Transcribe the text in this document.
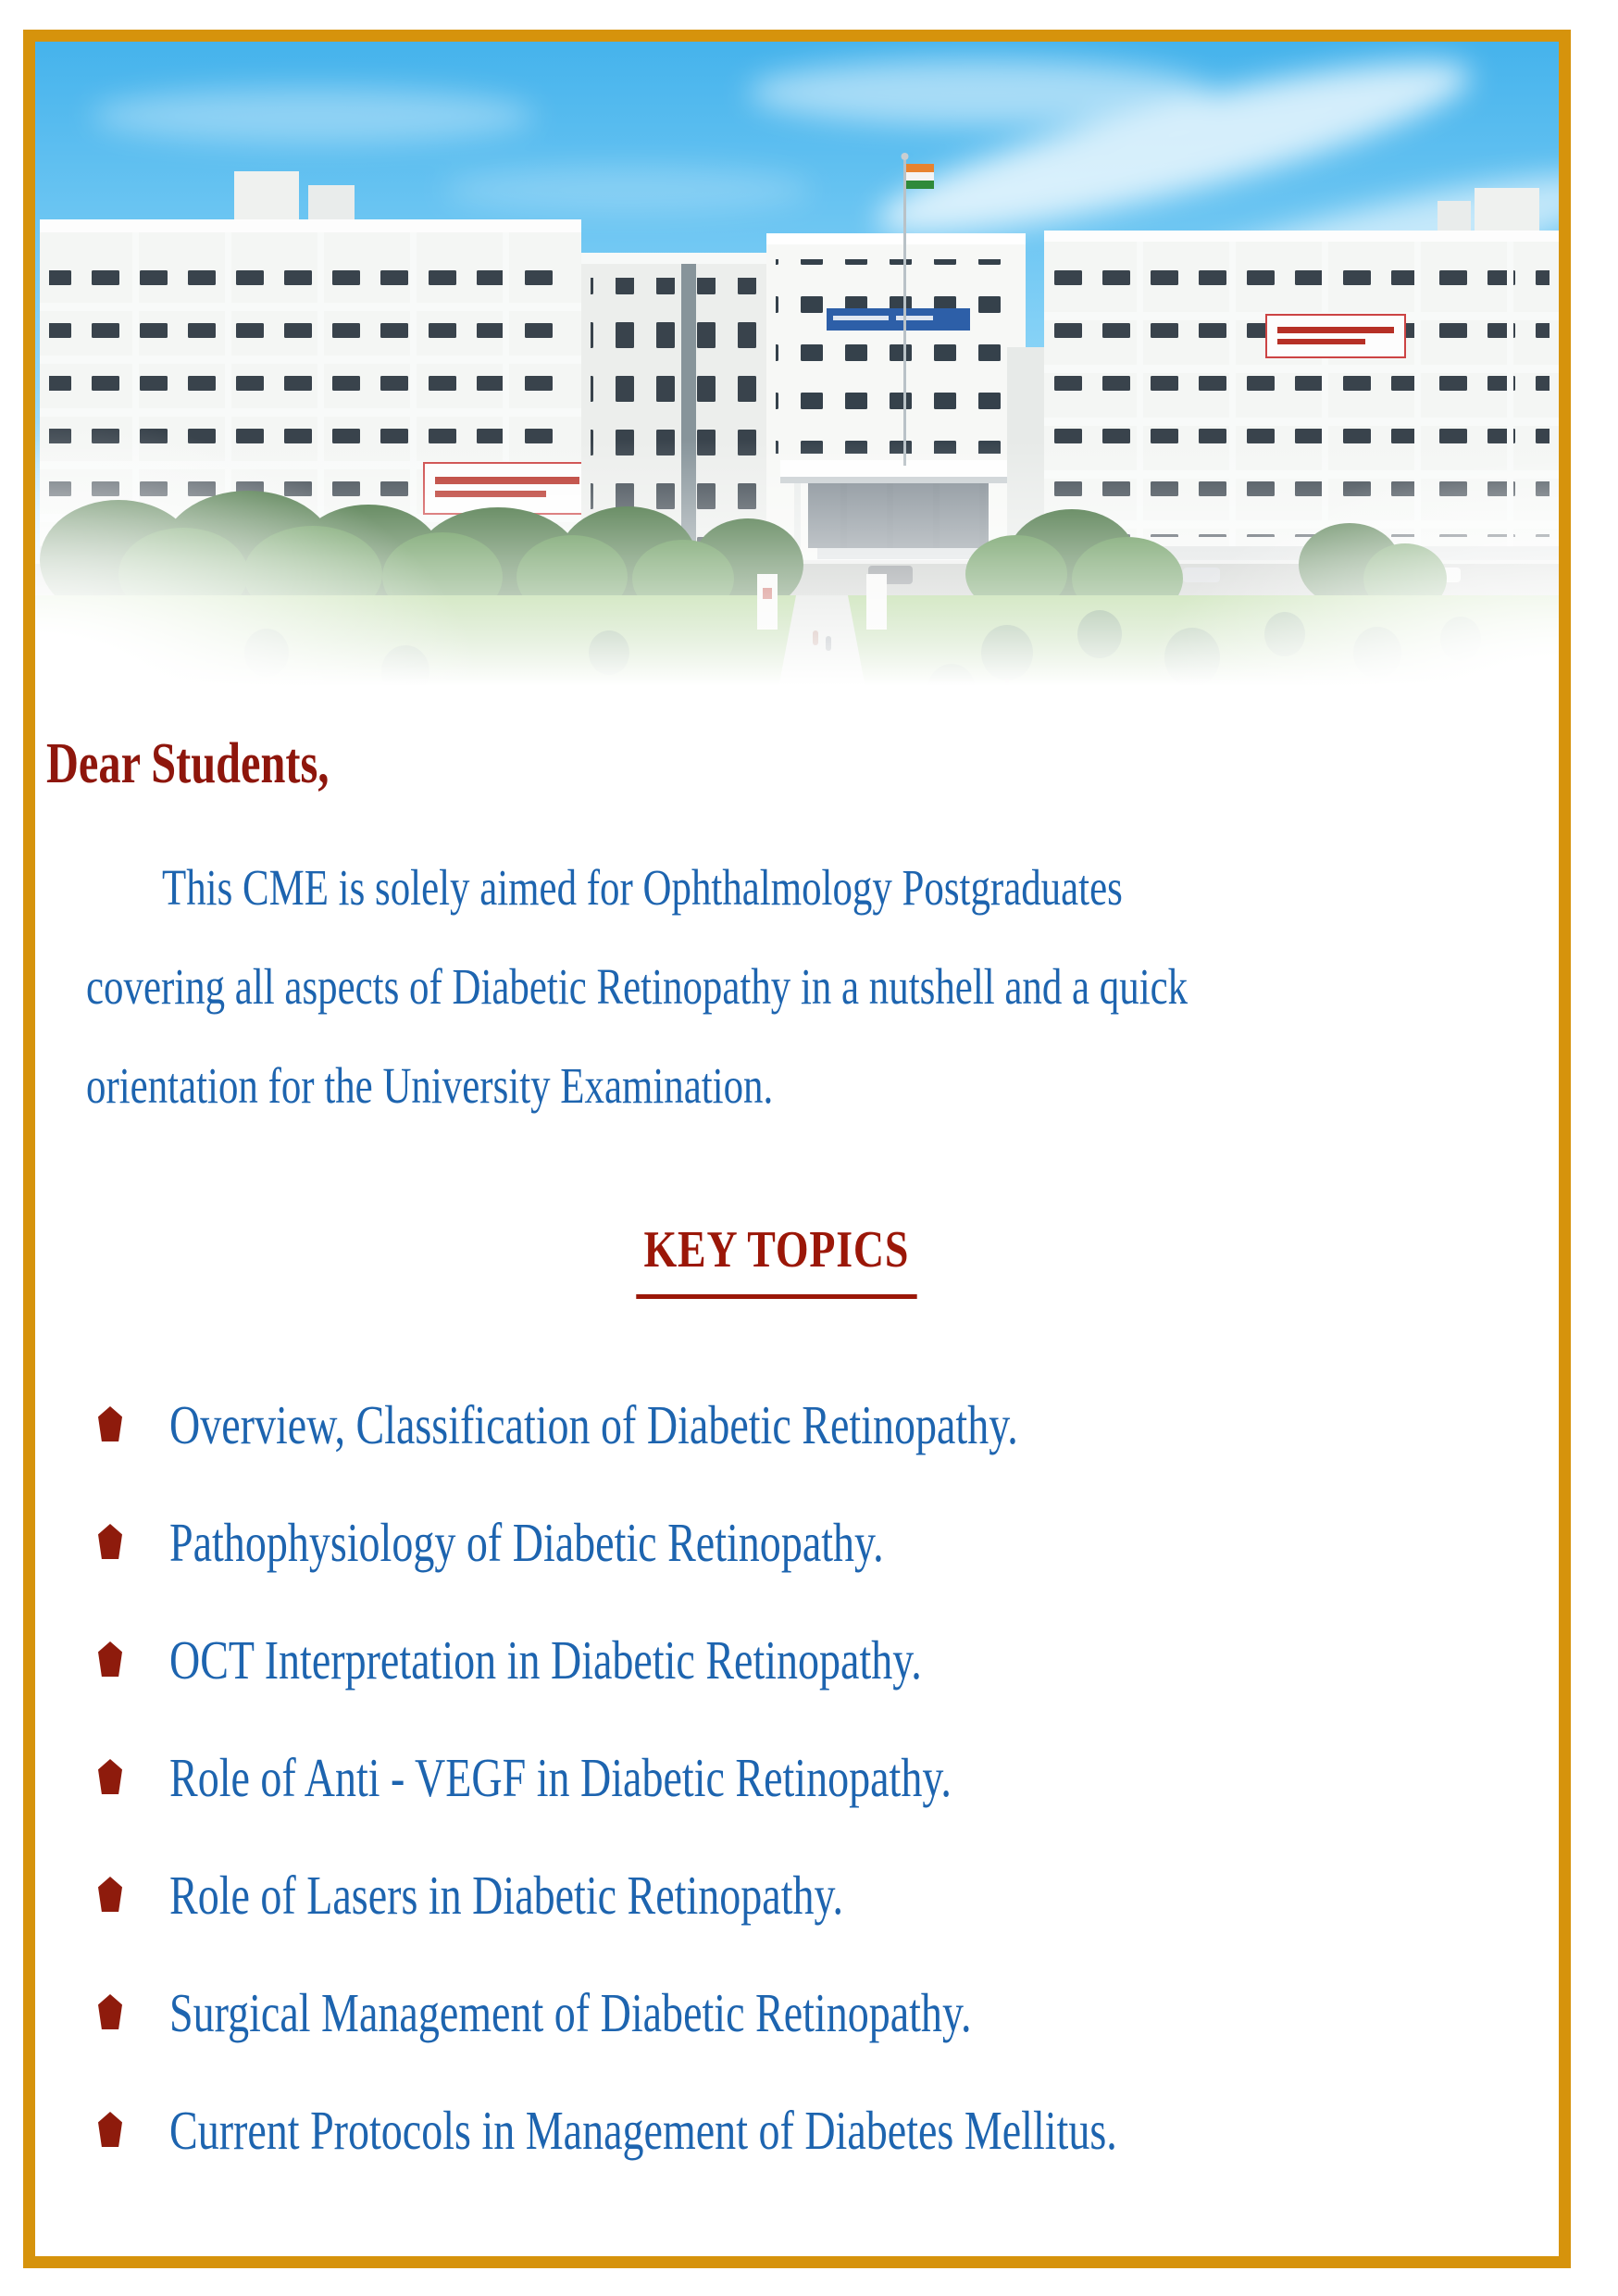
Dear Students,
This CME is solely aimed for Ophthalmology Postgraduates
covering all aspects of Diabetic Retinopathy in a nutshell and a quick
orientation for the University Examination.
KEY TOPICS
Overview, Classification of Diabetic Retinopathy.
Pathophysiology of Diabetic Retinopathy.
OCT Interpretation in Diabetic Retinopathy.
Role of Anti - VEGF in Diabetic Retinopathy.
Role of Lasers in Diabetic Retinopathy.
Surgical Management of Diabetic Retinopathy.
Current Protocols in Management of Diabetes Mellitus.
